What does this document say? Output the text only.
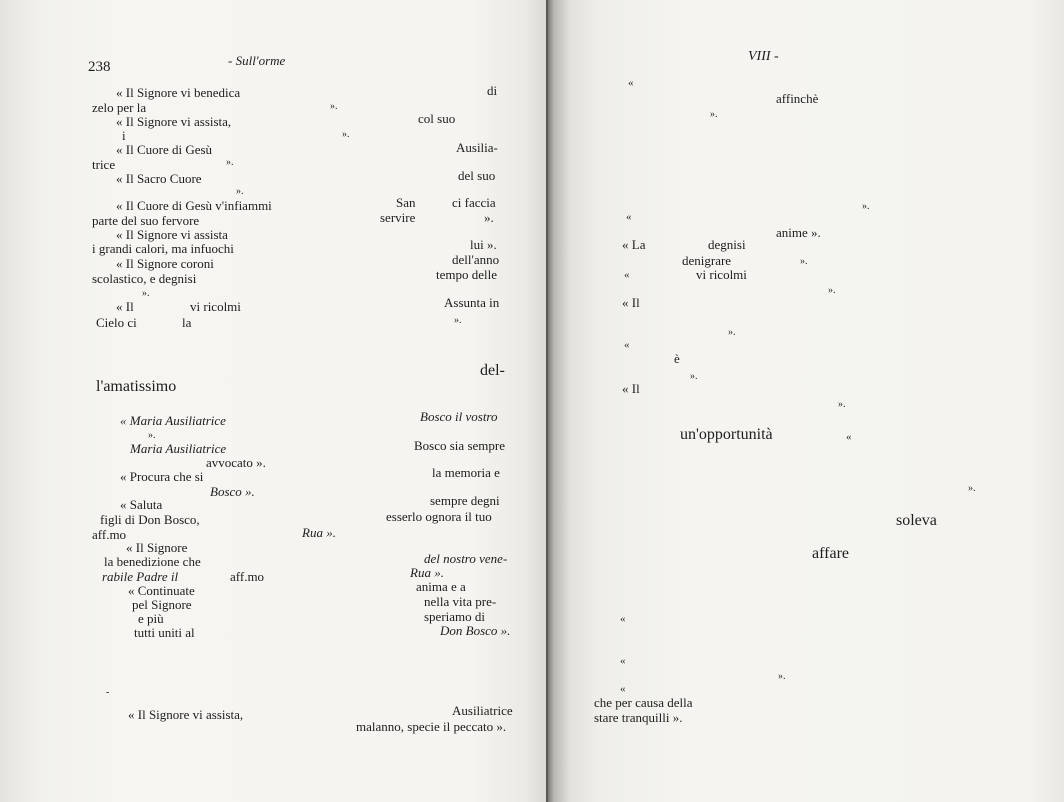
238	- Sull'orme
« Il Signore vi benedica	di
zelo per la	».
« Il Signore vi assista,	col suo
i	».
« Il Cuore di Gesù	Ausilia-
trice	».
« Il Sacro Cuore	del suo
».
« Il Cuore di Gesù v'infiammi	San	ci faccia
parte del suo fervore	servire	».
« Il Signore vi assista
i grandi calori, ma infuochi	lui ».
« Il Signore coroni	dell'anno
scolastico, e degnisi	tempo delle
».
« Il	vi ricolmi	Assunta in
Cielo ci	la	».
del-
l'amatissimo
« Maria Ausiliatrice	Bosco il vostro
».
Maria Ausiliatrice	Bosco sia sempre
avvocato ».
« Procura che si	la memoria e
Bosco ».
« Saluta	sempre degni
figli di Don Bosco,	esserlo ognora il tuo
aff.mo	Rua ».
« Il Signore
del nostro vene-
la benedizione che
Rua ».
rabile Padre il	aff.mo
anima e a
« Continuate
nella vita pre-
pel Signore
speriamo di
e più
Don Bosco ».
tutti uniti al
-
« Il Signore vi assista,	Ausiliatrice
malanno, specie il peccato ».
VIII -
«
affinchè
».
».
«
anime ».
« La	degnisi
denigrare	».
«	vi ricolmi
».
« Il
».
«
è
».
« Il
».
un'opportunità	«
».
soleva
affare
«
«
».
«
che per causa della
stare tranquilli ».
